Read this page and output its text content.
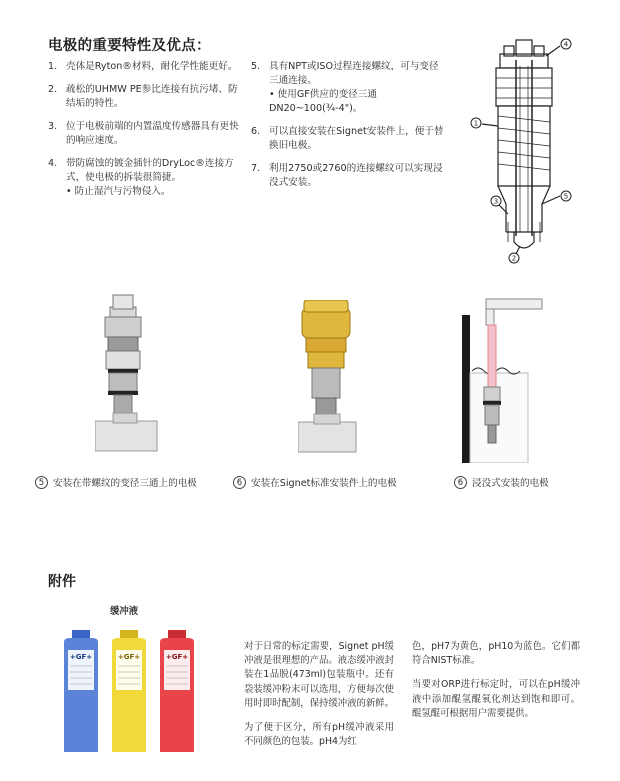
电极的重要特性及优点：
1. 壳体是Ryton®材料，耐化学性能更好。
2. 疏松的UHMW PE参比连接有抗污堵、防结垢的特性。
3. 位于电极前端的内置温度传感器具有更快的响应速度。
4. 带防腐蚀的镀金插针的DryLoc®连接方式，使电极的拆装很简捷。
• 防止湿汽与污物侵入。
5. 具有NPT或ISO过程连接螺纹，可与变径三通连接。
• 使用GF供应的变径三通DN20~100(¾-4")。
6. 可以直接安装在Signet安装件上，便于替换旧电极。
7. 利用2750或2760的连接螺纹可以实现浸没式安装。
1
2
3
4
5
5 安装在带螺纹的变径三通上的电极	6 安装在Signet标准安装件上的电极	6 浸没式安装的电极
附件
缓冲液
+GF+	+GF+	+GF+

对于日常的标定需要，Signet pH缓冲液是很理想的产品。液态缓冲液封装在1品脱(473ml)包装瓶中。还有袋装缓冲粉末可以选用，方便每次使用时即时配制，保持缓冲液的新鲜。

为了便于区分，所有pH缓冲液采用不同颜色的包装。pH4为红

色，pH7为黄色，pH10为蓝色。它们都符合NIST标准。

当要对ORP进行标定时，可以在pH缓冲液中添加醌氢醌氧化剂达到饱和即可。醌氢醌可根据用户需要提供。
